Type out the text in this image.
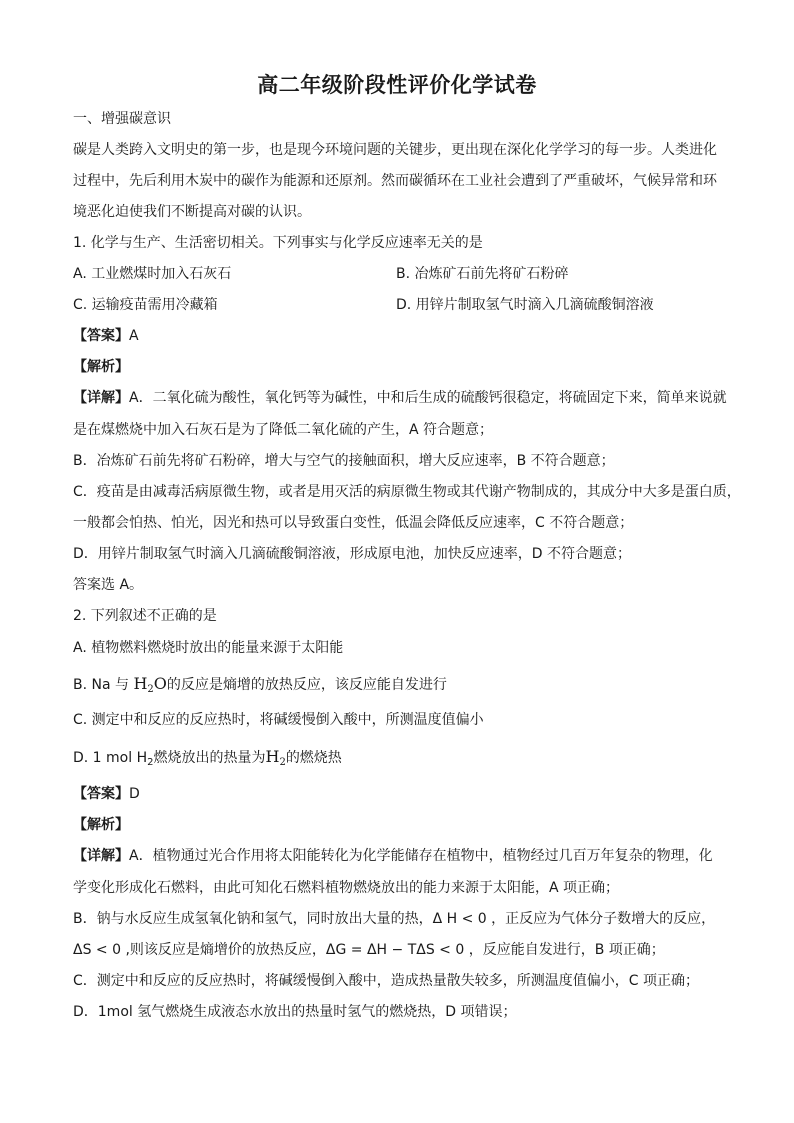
高二年级阶段性评价化学试卷
一、增强碳意识
碳是人类跨入文明史的第一步，也是现今环境问题的关键步，更出现在深化化学学习的每一步。人类进化
过程中，先后利用木炭中的碳作为能源和还原剂。然而碳循环在工业社会遭到了严重破坏，气候异常和环
境恶化迫使我们不断提高对碳的认识。
1. 化学与生产、生活密切相关。下列事实与化学反应速率无关的是
A. 工业燃煤时加入石灰石	B. 冶炼矿石前先将矿石粉碎
C. 运输疫苗需用冷藏箱	D. 用锌片制取氢气时滴入几滴硫酸铜溶液
【答案】A
【解析】
【详解】A．二氧化硫为酸性，氧化钙等为碱性，中和后生成的硫酸钙很稳定，将硫固定下来，简单来说就
是在煤燃烧中加入石灰石是为了降低二氧化硫的产生，A 符合题意；
B．冶炼矿石前先将矿石粉碎，增大与空气的接触面积，增大反应速率，B 不符合题意；
C．疫苗是由减毒活病原微生物，或者是用灭活的病原微生物或其代谢产物制成的，其成分中大多是蛋白质，
一般都会怕热、怕光，因光和热可以导致蛋白变性，低温会降低反应速率，C 不符合题意；
D．用锌片制取氢气时滴入几滴硫酸铜溶液，形成原电池，加快反应速率，D 不符合题意；
答案选 A。
2. 下列叙述不正确的是
A. 植物燃料燃烧时放出的能量来源于太阳能
B. Na 与 $H_2O$的反应是熵增的放热反应，该反应能自发进行
C. 测定中和反应的反应热时，将碱缓慢倒入酸中，所测温度值偏小
D. 1 mol $H_2$燃烧放出的热量为$H_2$的燃烧热
【答案】D
【解析】
【详解】A．植物通过光合作用将太阳能转化为化学能储存在植物中，植物经过几百万年复杂的物理，化
学变化形成化石燃料，由此可知化石燃料植物燃烧放出的能力来源于太阳能，A 项正确；
B．钠与水反应生成氢氧化钠和氢气，同时放出大量的热，Δ H < 0 ，正反应为气体分子数增大的反应，
ΔS < 0 ,则该反应是熵增价的放热反应，ΔG = ΔH − TΔS < 0 ，反应能自发进行，B 项正确；
C．测定中和反应的反应热时，将碱缓慢倒入酸中，造成热量散失较多，所测温度值偏小，C 项正确；
D．1mol 氢气燃烧生成液态水放出的热量时氢气的燃烧热，D 项错误；
